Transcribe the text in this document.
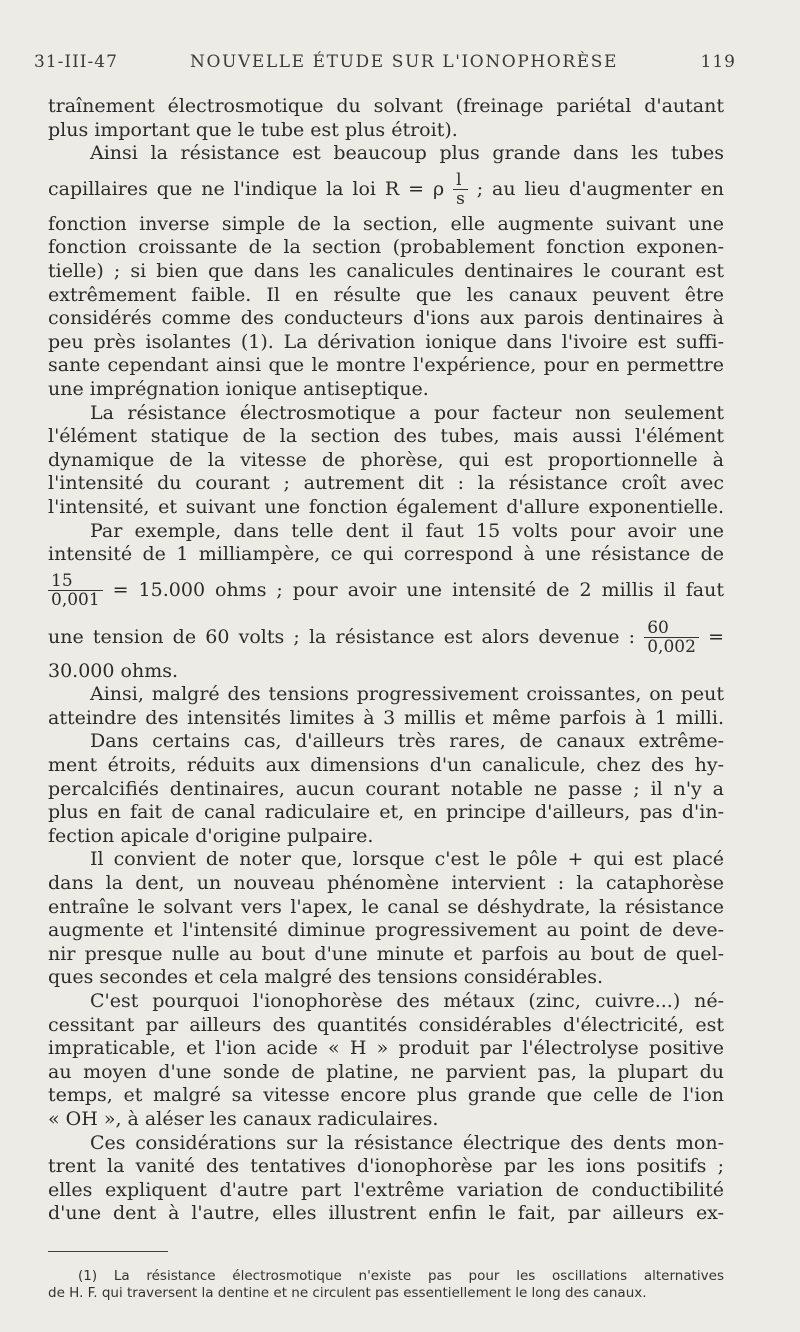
31-III-47	NOUVELLE ÉTUDE SUR L'IONOPHORÈSE	119
traînement électrosmotique du solvant (freinage pariétal d'autant
plus important que le tube est plus étroit).
Ainsi la résistance est beaucoup plus grande dans les tubes
capillaires que ne l'indique la loi R = ρ $\frac{l}{s}$ ; au lieu d'augmenter en
fonction inverse simple de la section, elle augmente suivant une
fonction croissante de la section (probablement fonction exponen-
tielle) ; si bien que dans les canalicules dentinaires le courant est
extrêmement faible. Il en résulte que les canaux peuvent être
considérés comme des conducteurs d'ions aux parois dentinaires à
peu près isolantes (1). La dérivation ionique dans l'ivoire est suffi-
sante cependant ainsi que le montre l'expérience, pour en permettre
une imprégnation ionique antiseptique.
La résistance électrosmotique a pour facteur non seulement
l'élément statique de la section des tubes, mais aussi l'élément
dynamique de la vitesse de phorèse, qui est proportionnelle à
l'intensité du courant ; autrement dit : la résistance croît avec
l'intensité, et suivant une fonction également d'allure exponentielle.
Par exemple, dans telle dent il faut 15 volts pour avoir une
intensité de 1 milliampère, ce qui correspond à une résistance de
$\frac{15}{0,001} = 15.000$ ohms ; pour avoir une intensité de 2 millis il faut
une tension de 60 volts ; la résistance est alors devenue : $\frac{60}{0,002}$ =
30.000 ohms.
Ainsi, malgré des tensions progressivement croissantes, on peut
atteindre des intensités limites à 3 millis et même parfois à 1 milli.
Dans certains cas, d'ailleurs très rares, de canaux extrême-
ment étroits, réduits aux dimensions d'un canalicule, chez des hy-
percalcifiés dentinaires, aucun courant notable ne passe ; il n'y a
plus en fait de canal radiculaire et, en principe d'ailleurs, pas d'in-
fection apicale d'origine pulpaire.
Il convient de noter que, lorsque c'est le pôle + qui est placé
dans la dent, un nouveau phénomène intervient : la cataphorèse
entraîne le solvant vers l'apex, le canal se déshydrate, la résistance
augmente et l'intensité diminue progressivement au point de deve-
nir presque nulle au bout d'une minute et parfois au bout de quel-
ques secondes et cela malgré des tensions considérables.
C'est pourquoi l'ionophorèse des métaux (zinc, cuivre...) né-
cessitant par ailleurs des quantités considérables d'électricité, est
impraticable, et l'ion acide « H » produit par l'électrolyse positive
au moyen d'une sonde de platine, ne parvient pas, la plupart du
temps, et malgré sa vitesse encore plus grande que celle de l'ion
« OH », à aléser les canaux radiculaires.
Ces considérations sur la résistance électrique des dents mon-
trent la vanité des tentatives d'ionophorèse par les ions positifs ;
elles expliquent d'autre part l'extrême variation de conductibilité
d'une dent à l'autre, elles illustrent enfin le fait, par ailleurs ex-
(1) La résistance électrosmotique n'existe pas pour les oscillations alternatives
de H. F. qui traversent la dentine et ne circulent pas essentiellement le long des canaux.
